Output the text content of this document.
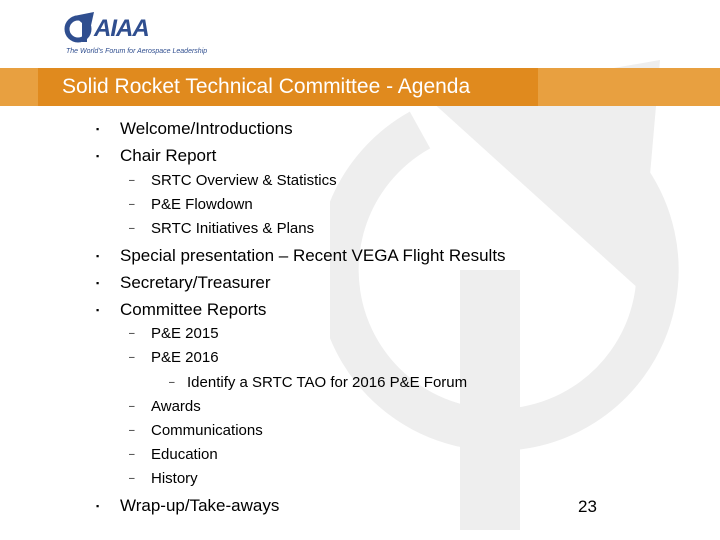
AIAA
The World's Forum for Aerospace Leadership
Solid Rocket Technical Committee - Agenda
▪ Welcome/Introductions
▪ Chair Report
– SRTC Overview & Statistics
– P&E Flowdown
– SRTC Initiatives & Plans
▪ Special presentation – Recent VEGA Flight Results
▪ Secretary/Treasurer
▪ Committee Reports
– P&E 2015
– P&E 2016
– Identify a SRTC TAO for 2016 P&E Forum
– Awards
– Communications
– Education
– History
▪ Wrap-up/Take-aways	23
